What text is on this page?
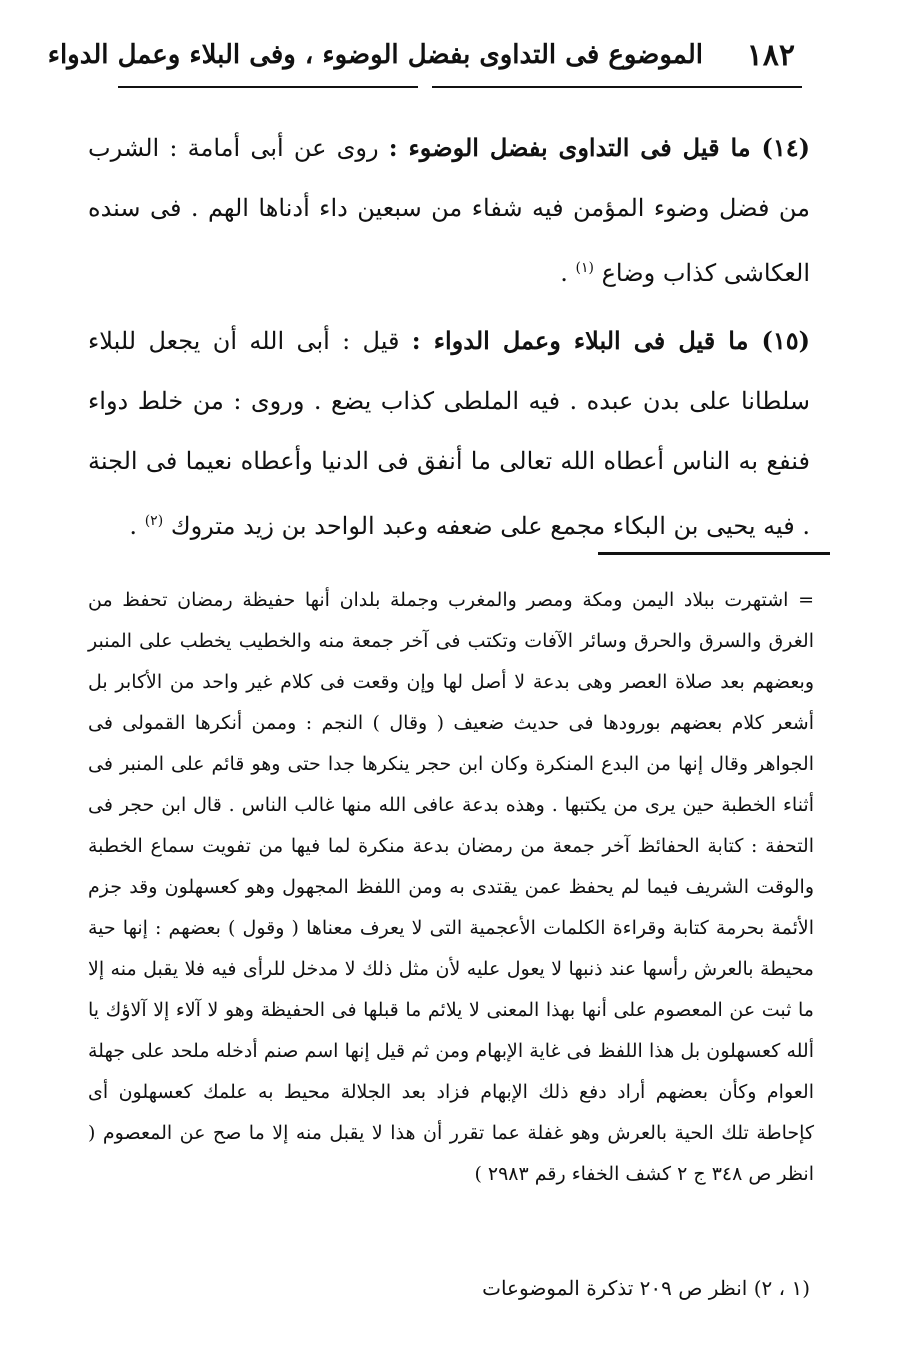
١٨٢
الموضوع فى التداوى بفضل الوضوء ، وفى البلاء وعمل الدواء

(١٤) ما قيل فى التداوى بفضل الوضوء : روى عن أبى أمامة : الشرب من فضل وضوء المؤمن فيه شفاء من سبعين داء أدناها الهم . فى سنده العكاشى كذاب وضاع $^{(١)}$ .

(١٥) ما قيل فى البلاء وعمل الدواء : قيل : أبى الله أن يجعل للبلاء سلطانا على بدن عبده . فيه الملطى كذاب يضع . وروى : من خلط دواء فنفع به الناس أعطاه الله تعالى ما أنفق فى الدنيا وأعطاه نعيما فى الجنة . فيه يحيى بن البكاء مجمع على ضعفه وعبد الواحد بن زيد متروك $^{(٢)}$ .

= اشتهرت ببلاد اليمن ومكة ومصر والمغرب وجملة بلدان أنها حفيظة رمضان تحفظ من الغرق والسرق والحرق وسائر الآفات وتكتب فى آخر جمعة منه والخطيب يخطب على المنبر وبعضهم بعد صلاة العصر وهى بدعة لا أصل لها وإن وقعت فى كلام غير واحد من الأكابر بل أشعر كلام بعضهم بورودها فى حديث ضعيف ( وقال ) النجم : وممن أنكرها القمولى فى الجواهر وقال إنها من البدع المنكرة وكان ابن حجر ينكرها جدا حتى وهو قائم على المنبر فى أثناء الخطبة حين يرى من يكتبها . وهذه بدعة عافى الله منها غالب الناس . قال ابن حجر فى التحفة : كتابة الحفائظ آخر جمعة من رمضان بدعة منكرة لما فيها من تفويت سماع الخطبة والوقت الشريف فيما لم يحفظ عمن يقتدى به ومن اللفظ المجهول وهو كعسهلون وقد جزم الأئمة بحرمة كتابة وقراءة الكلمات الأعجمية التى لا يعرف معناها ( وقول ) بعضهم : إنها حية محيطة بالعرش رأسها عند ذنبها لا يعول عليه لأن مثل ذلك لا مدخل للرأى فيه فلا يقبل منه إلا ما ثبت عن المعصوم على أنها بهذا المعنى لا يلائم ما قبلها فى الحفيظة وهو لا آلاء إلا آلاؤك يا ألله كعسهلون بل هذا اللفظ فى غاية الإبهام ومن ثم قيل إنها اسم صنم أدخله ملحد على جهلة العوام وكأن بعضهم أراد دفع ذلك الإبهام فزاد بعد الجلالة محيط به علمك كعسهلون أى كإحاطة تلك الحية بالعرش وهو غفلة عما تقرر أن هذا لا يقبل منه إلا ما صح عن المعصوم ( انظر ص ٣٤٨ ج ٢ كشف الخفاء رقم ٢٩٨٣ )

(١ ، ٢) انظر ص ٢٠٩ تذكرة الموضوعات
